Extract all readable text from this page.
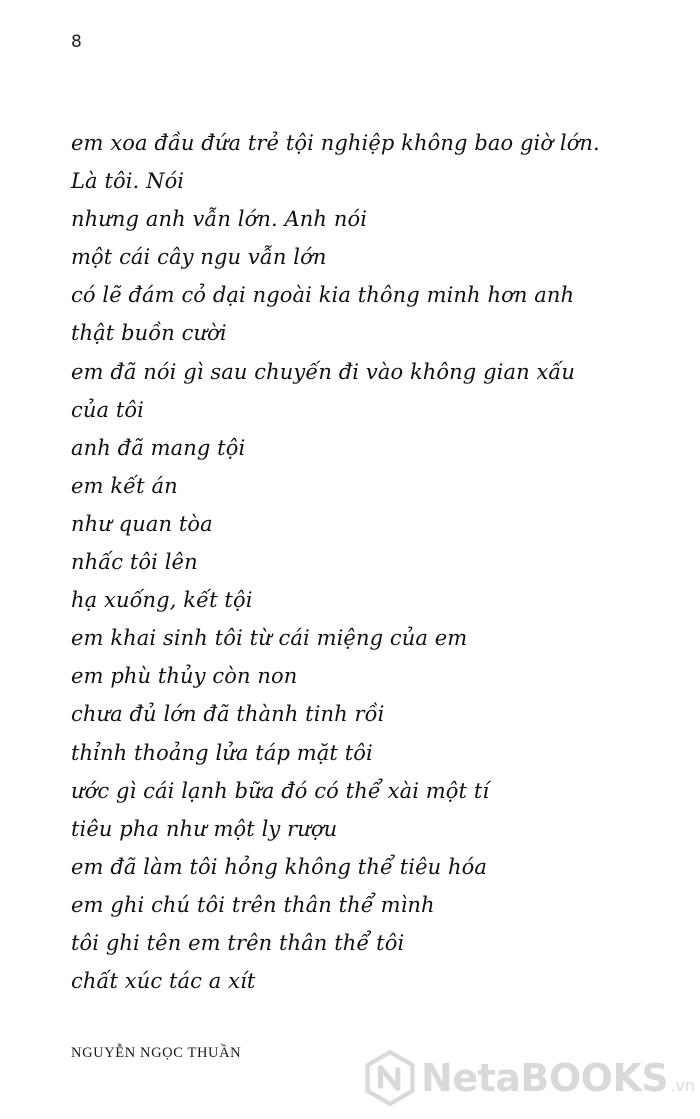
8
em xoa đầu đứa trẻ tội nghiệp không bao giờ lớn.
Là tôi. Nói
nhưng anh vẫn lớn. Anh nói
một cái cây ngu vẫn lớn
có lẽ đám cỏ dại ngoài kia thông minh hơn anh
thật buồn cười
em đã nói gì sau chuyến đi vào không gian xấu
của tôi
anh đã mang tội
em kết án
như quan tòa
nhấc tôi lên
hạ xuống, kết tội
em khai sinh tôi từ cái miệng của em
em phù thủy còn non
chưa đủ lớn đã thành tinh rồi
thỉnh thoảng lửa táp mặt tôi
ước gì cái lạnh bữa đó có thể xài một tí
tiêu pha như một ly rượu
em đã làm tôi hỏng không thể tiêu hóa
em ghi chú tôi trên thân thể mình
tôi ghi tên em trên thân thể tôi
chất xúc tác a xít
NGUYỄN NGỌC THUẦN
NetaBOOKS .vn
